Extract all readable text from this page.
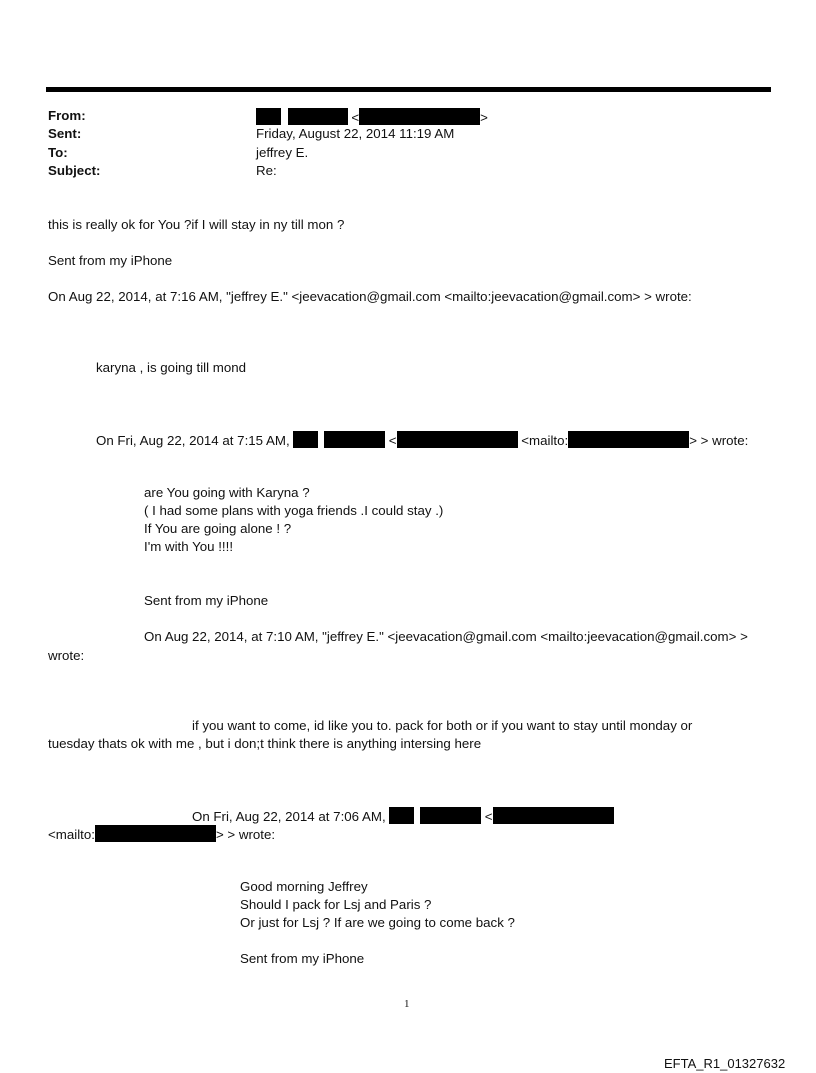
From:	<	>
Sent:	Friday, August 22, 2014 11:19 AM
To:	jeffrey E.
Subject:	Re:
this is really ok for You ?if I will stay in ny till mon ?
Sent from my iPhone
On Aug 22, 2014, at 7:16 AM, "jeffrey E." <jeevacation@gmail.com <mailto:jeevacation@gmail.com> > wrote:
karyna , is going till mond
On Fri, Aug 22, 2014 at 7:15 AM,	<	<mailto:	> > wrote:
are You going with Karyna ?
( I had some plans with yoga friends .I could stay .)
If You are going alone ! ?
I'm with You !!!!
Sent from my iPhone
On Aug 22, 2014, at 7:10 AM, "jeffrey E." <jeevacation@gmail.com <mailto:jeevacation@gmail.com> >
wrote:
if you want to come, id like you to. pack for both or if you want to stay until monday or
tuesday thats ok with me , but i don;t think there is anything intersing here
On Fri, Aug 22, 2014 at 7:06 AM,	<
<mailto:	> > wrote:
Good morning Jeffrey
Should I pack for Lsj and Paris ?
Or just for Lsj ? If are we going to come back ?
Sent from my iPhone
1
EFTA_R1_01327632
